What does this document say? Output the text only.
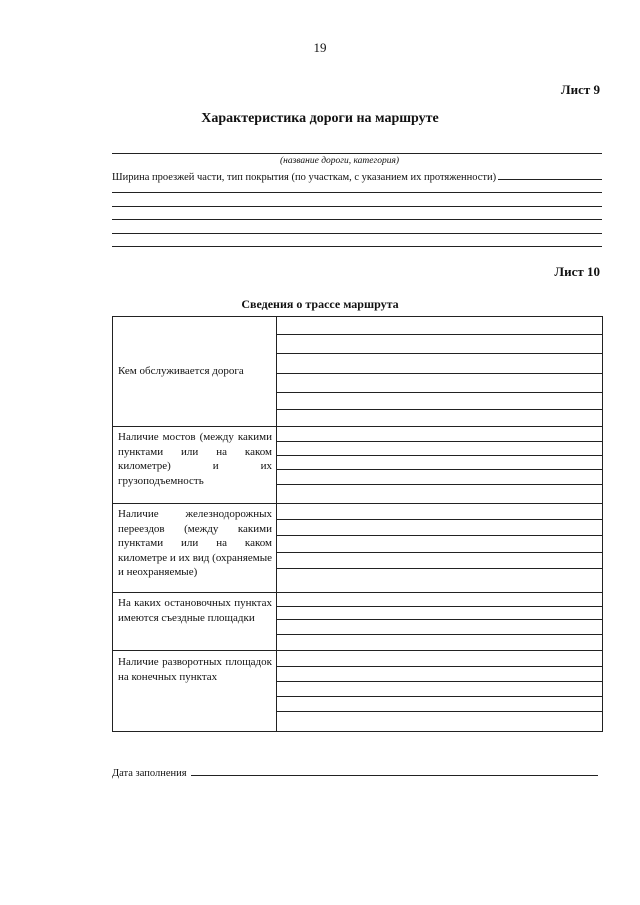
19
Лист 9
Характеристика дороги на маршруте
(название дороги, категория)
Ширина проезжей части, тип покрытия (по участкам, с указанием их протяженности)
Лист 10
Сведения о трассе маршрута
Кем обслуживается дорога
Наличие мостов (между какими пунктами или на каком километре) и их грузоподъемность
Наличие железнодорожных переездов (между какими пунктами или на каком километре и их вид (охраняемые и неохраняемые)
На каких остановочных пунктах имеются съездные площадки
Наличие разворотных площадок на конечных пунктах
Дата заполнения
